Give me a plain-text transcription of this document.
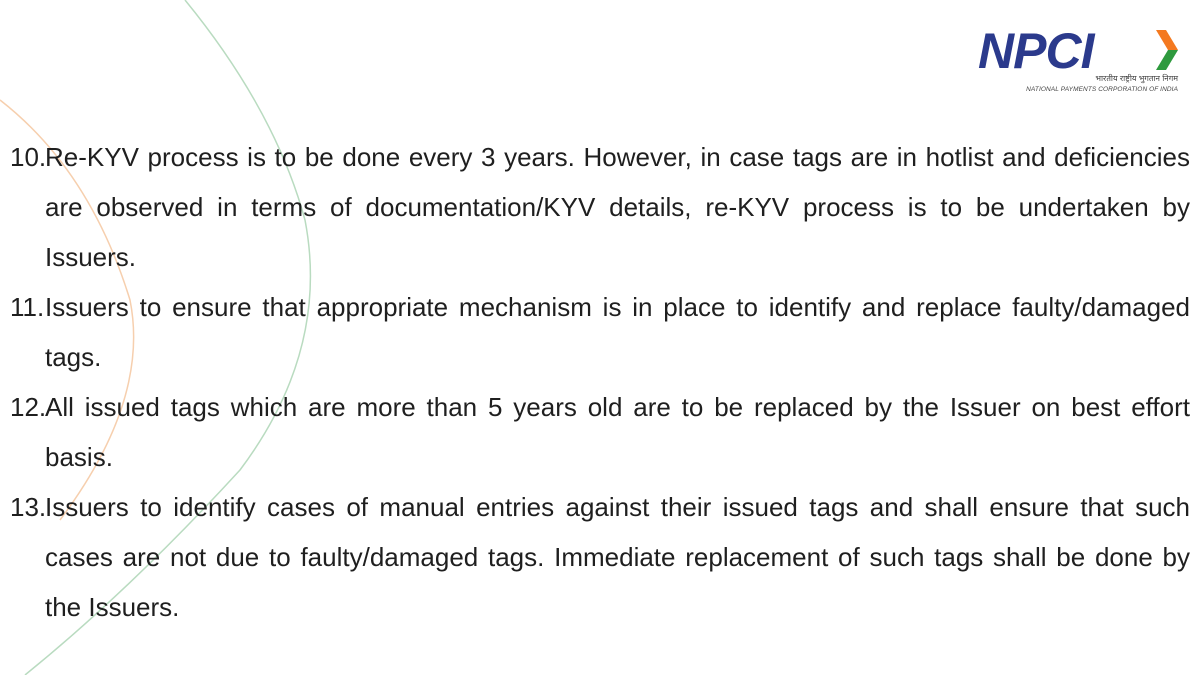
NPCI भारतीय राष्ट्रीय भुगतान निगम
NATIONAL PAYMENTS CORPORATION OF INDIA
10.
Re-KYV process is to be done every 3 years. However, in case tags are in hotlist and deficiencies are observed in terms of documentation/KYV details, re-KYV process is to be undertaken by Issuers.
11. Issuers to ensure that appropriate mechanism is in place to identify and replace faulty/damaged tags.
12.
All issued tags which are more than 5 years old are to be replaced by the Issuer on best effort basis.
13.
Issuers to identify cases of manual entries against their issued tags and shall ensure that such cases are not due to faulty/damaged tags. Immediate replacement of such tags shall be done by the Issuers.
